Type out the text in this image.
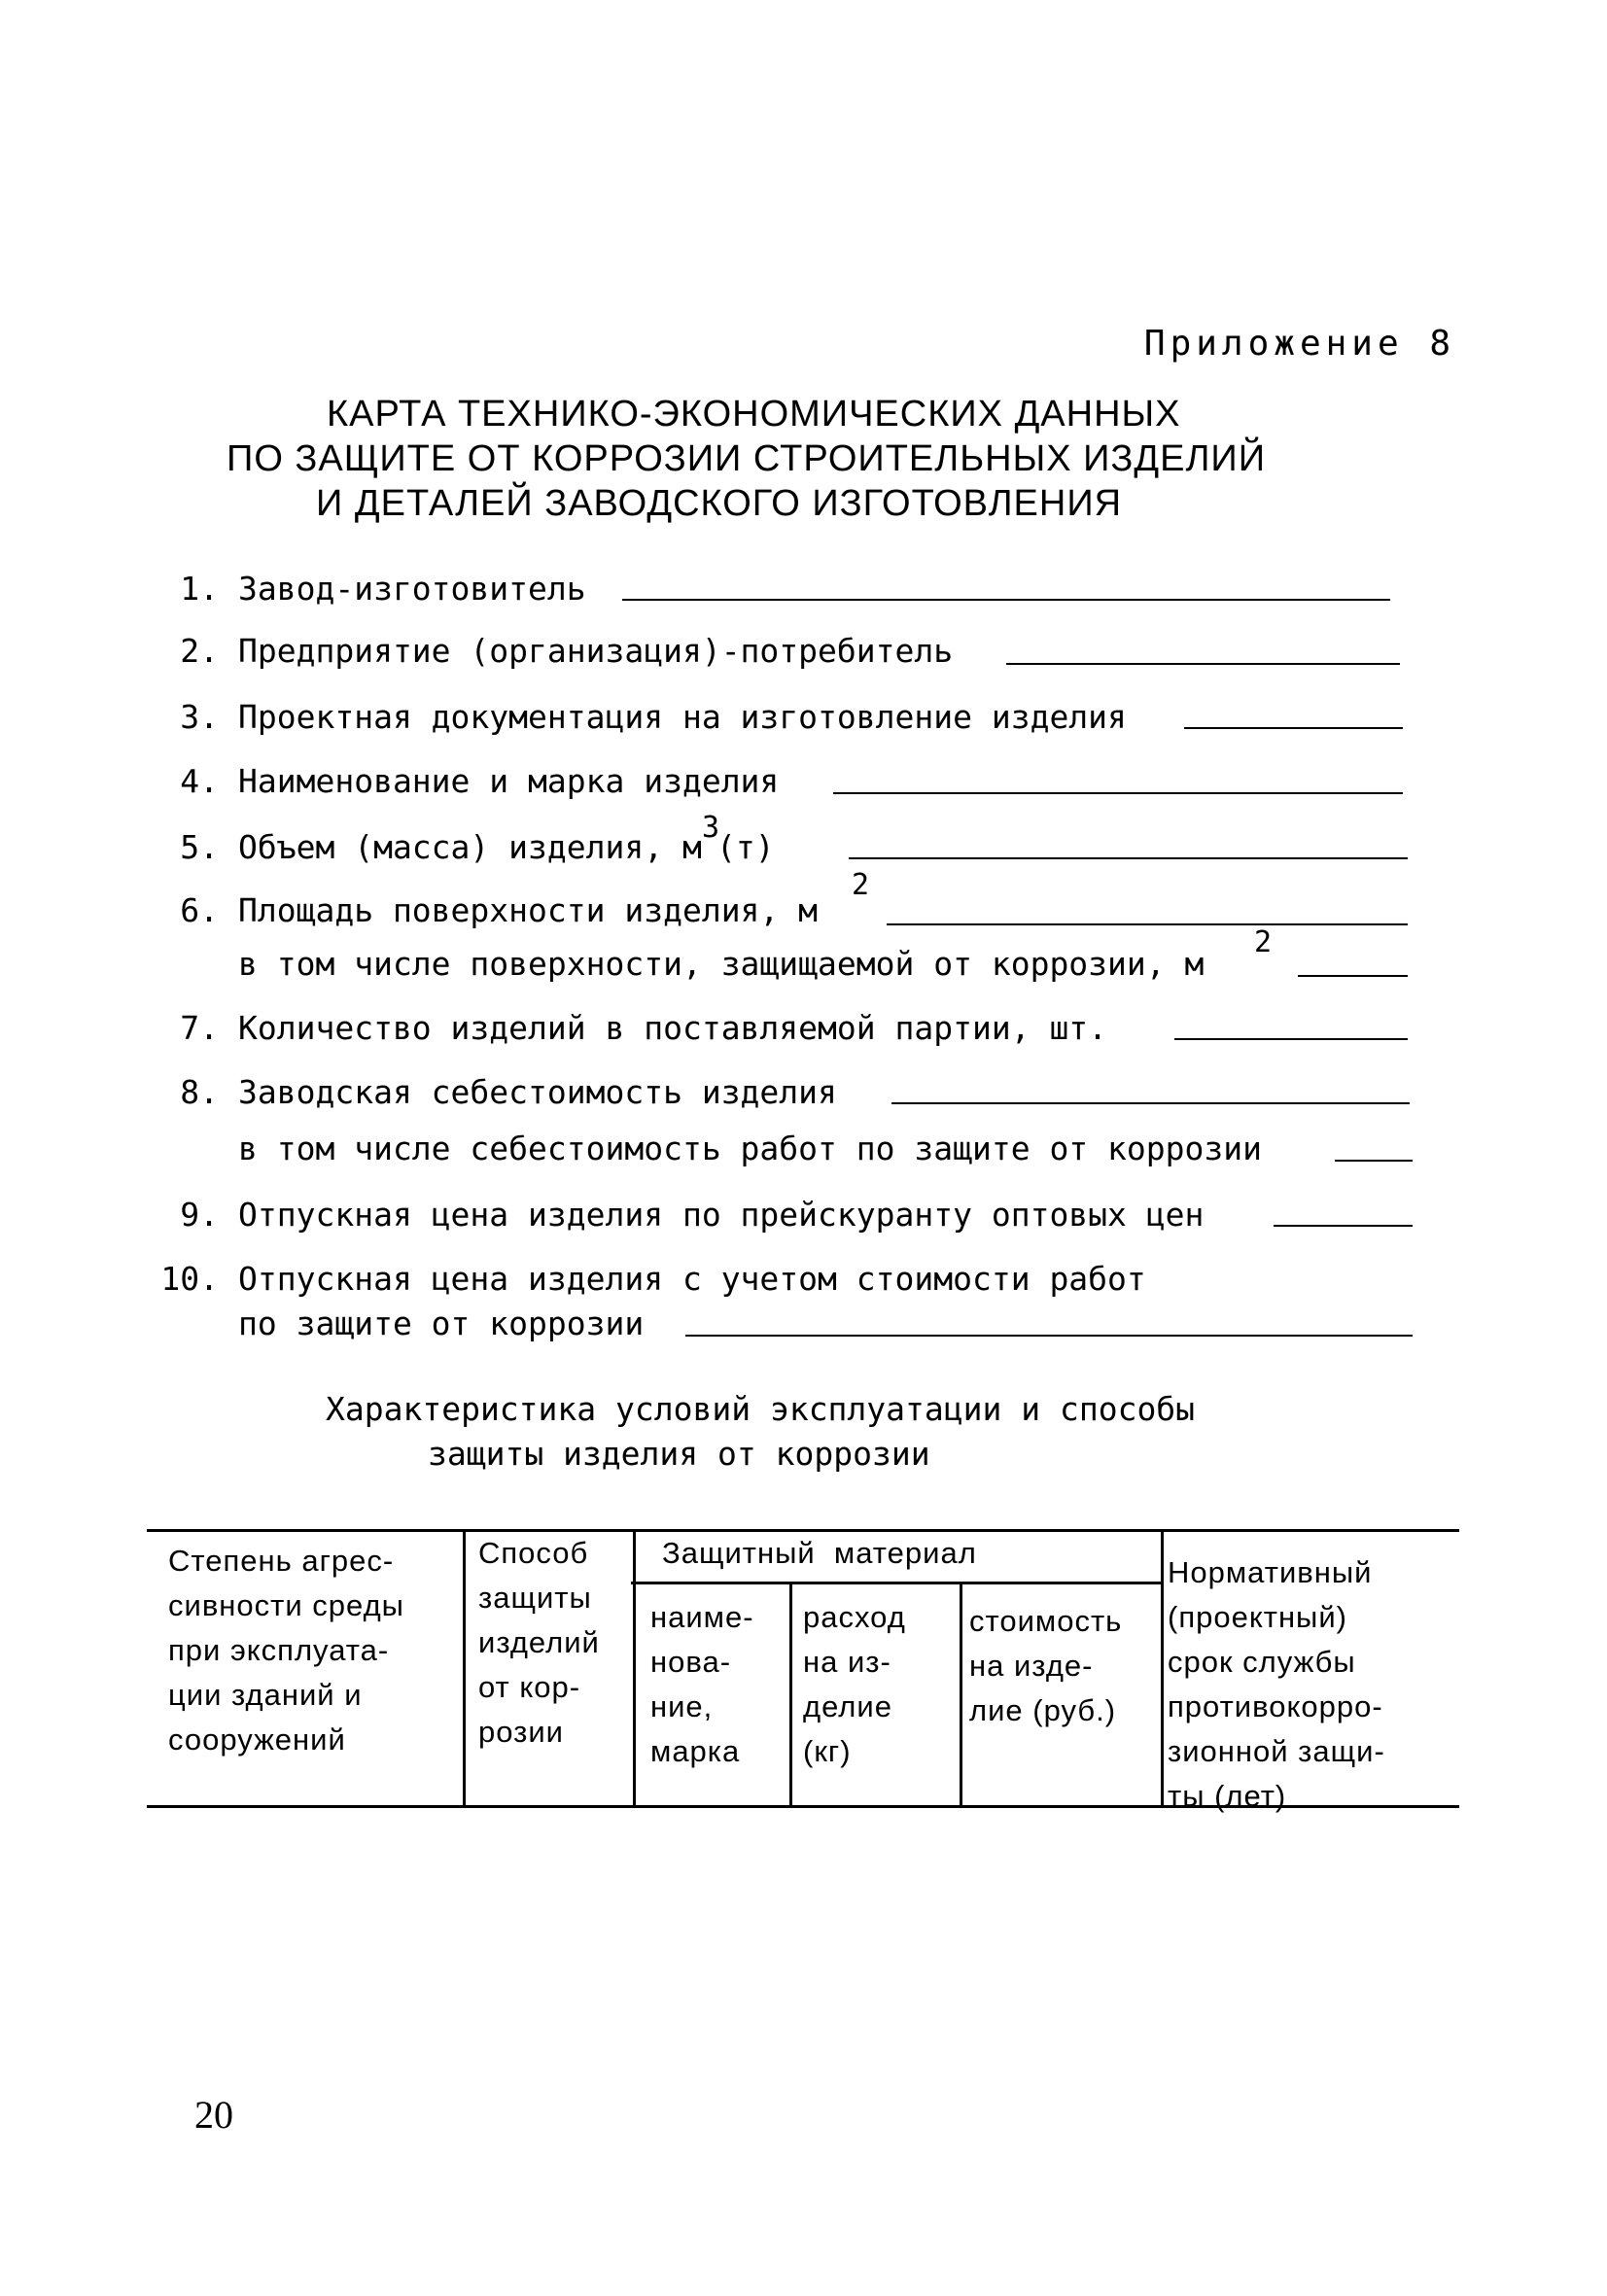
Приложение 8
КАРТА ТЕХНИКО-ЭКОНОМИЧЕСКИХ ДАННЫХ
ПО ЗАЩИТЕ ОТ КОРРОЗИИ СТРОИТЕЛЬНЫХ ИЗДЕЛИЙ
И ДЕТАЛЕЙ ЗАВОДСКОГО ИЗГОТОВЛЕНИЯ
1. Завод-изготовитель
2. Предприятие (организация)-потребитель
3. Проектная документация на изготовление изделия
4. Наименование и марка изделия
5. Объем (масса) изделия, м
3
(т)
6. Площадь поверхности изделия, м
2
в том числе поверхности, защищаемой от коррозии, м
2
7. Количество изделий в поставляемой партии, шт.
8. Заводская себестоимость изделия
в том числе себестоимость работ по защите от коррозии
9. Отпускная цена изделия по прейскуранту оптовых цен
10. Отпускная цена изделия с учетом стоимости работ
по защите от коррозии
Характеристика условий эксплуатации и способы
защиты изделия от коррозии
Степень агрес-
сивности среды
при эксплуата-
ции зданий и
сооружений
Способ
защиты
изделий
от кор-
розии
Защитный  материал
наиме-
нова-
ние,
марка
расход
на из-
делие
(кг)
стоимость
на изде-
лие (руб.)
Нормативный
(проектный)
срок службы
противокорро-
зионной защи-
ты (лет)
20
